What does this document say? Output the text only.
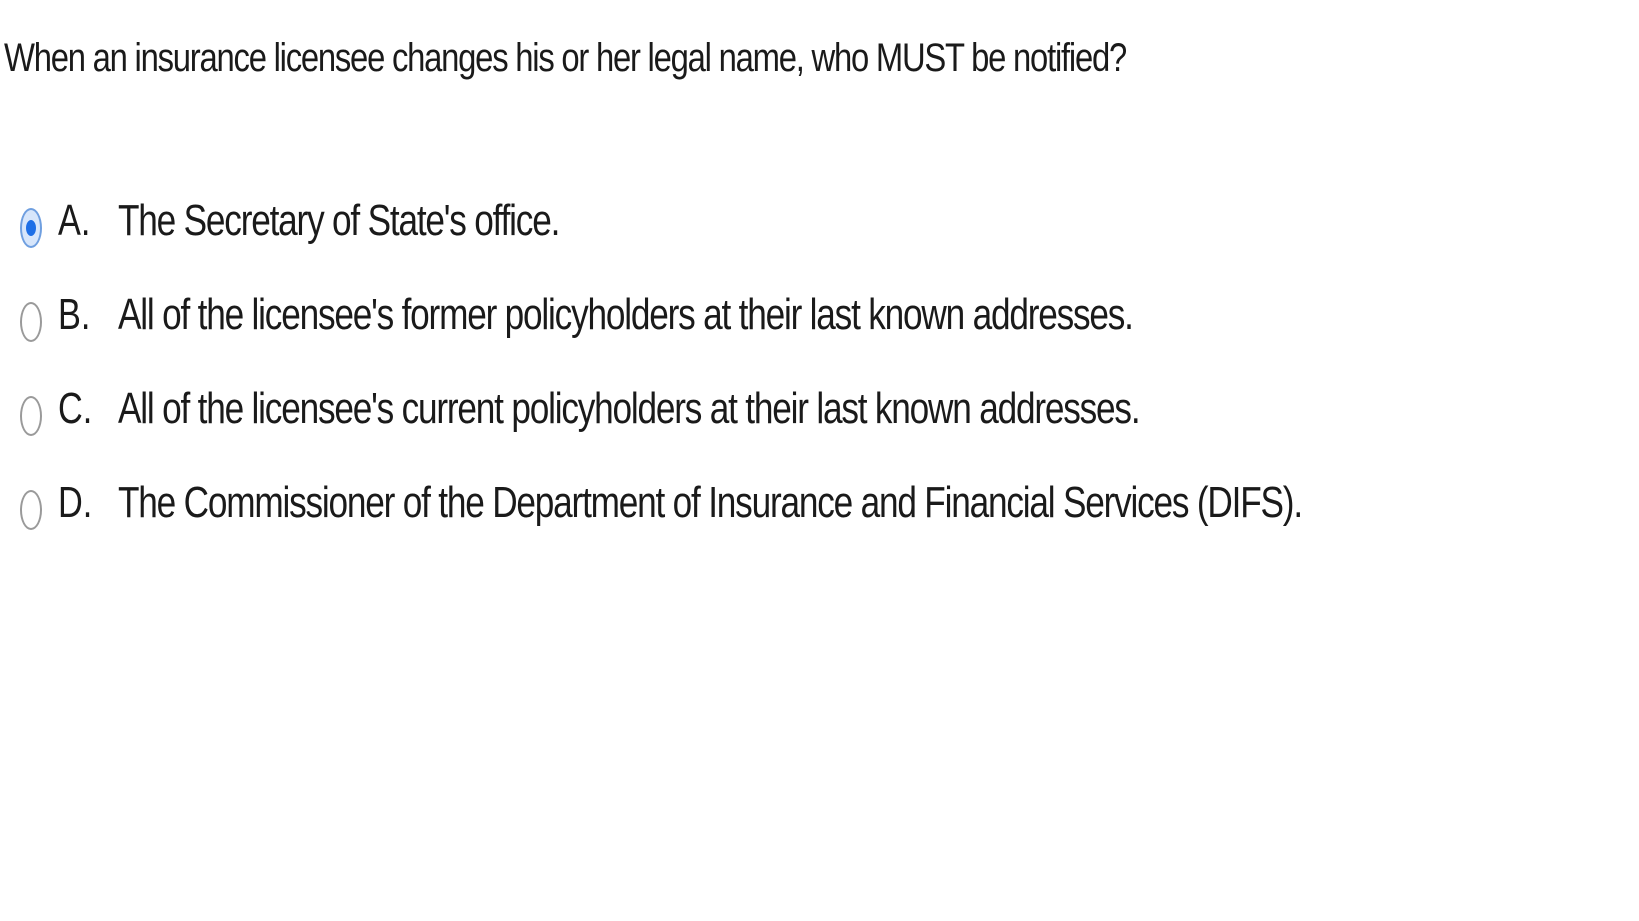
When an insurance licensee changes his or her legal name, who MUST be notified?
A. The Secretary of State's office.
B. All of the licensee's former policyholders at their last known addresses.
C. All of the licensee's current policyholders at their last known addresses.
D. The Commissioner of the Department of Insurance and Financial Services (DIFS).
